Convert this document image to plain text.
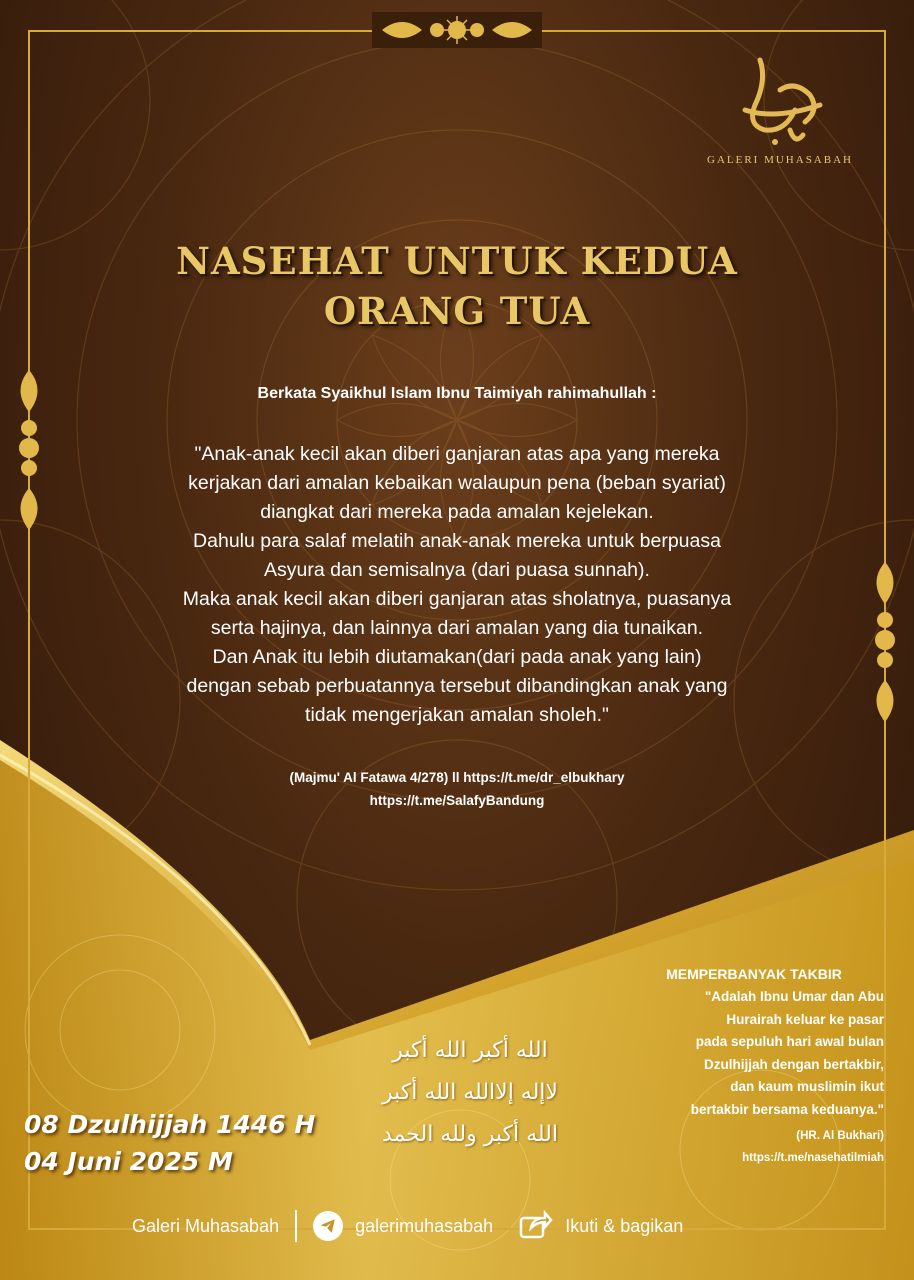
GALERI MUHASABAH
NASEHAT UNTUK KEDUA
ORANG TUA
Berkata Syaikhul Islam Ibnu Taimiyah rahimahullah :
"Anak-anak kecil akan diberi ganjaran atas apa yang mereka
kerjakan dari amalan kebaikan walaupun pena (beban syariat)
diangkat dari mereka pada amalan kejelekan.
Dahulu para salaf melatih anak-anak mereka untuk berpuasa
Asyura dan semisalnya (dari puasa sunnah).
Maka anak kecil akan diberi ganjaran atas sholatnya, puasanya
serta hajinya, dan lainnya dari amalan yang dia tunaikan.
Dan Anak itu lebih diutamakan(dari pada anak yang lain)
dengan sebab perbuatannya tersebut dibandingkan anak yang
tidak mengerjakan amalan sholeh."
(Majmu' Al Fatawa 4/278) ll https://t.me/dr_elbukhary
https://t.me/SalafyBandung
08 Dzulhijjah 1446 H
04 Juni 2025 M
الله أكبر الله أكبر
لاإله إلاالله الله أكبر
الله أكبر ولله الحمد
MEMPERBANYAK TAKBIR
"Adalah Ibnu Umar dan Abu
Hurairah keluar ke pasar
pada sepuluh hari awal bulan
Dzulhijjah dengan bertakbir,
dan kaum muslimin ikut
bertakbir bersama keduanya."
(HR. Al Bukhari)
https://t.me/nasehatilmiah
Galeri Muhasabah	galerimuhasabah	Ikuti & bagikan
